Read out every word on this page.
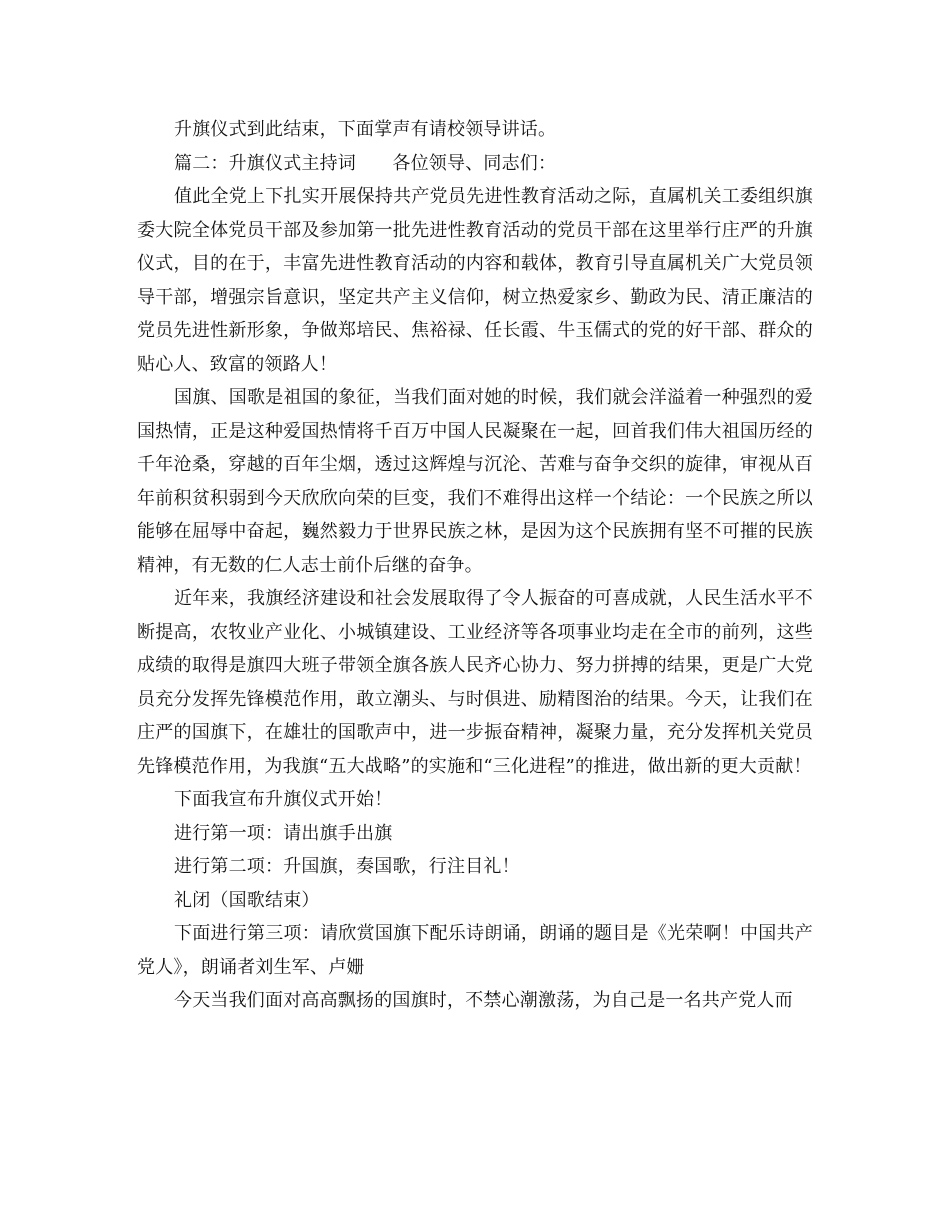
升旗仪式到此结束，下面掌声有请校领导讲话。

篇二：升旗仪式主持词　　各位领导、同志们：

值此全党上下扎实开展保持共产党员先进性教育活动之际，直属机关工委组织旗委大院全体党员干部及参加第一批先进性教育活动的党员干部在这里举行庄严的升旗仪式，目的在于，丰富先进性教育活动的内容和载体，教育引导直属机关广大党员领导干部，增强宗旨意识，坚定共产主义信仰，树立热爱家乡、勤政为民、清正廉洁的党员先进性新形象，争做郑培民、焦裕禄、任长霞、牛玉儒式的党的好干部、群众的贴心人、致富的领路人！

国旗、国歌是祖国的象征，当我们面对她的时候，我们就会洋溢着一种强烈的爱国热情，正是这种爱国热情将千百万中国人民凝聚在一起，回首我们伟大祖国历经的千年沧桑，穿越的百年尘烟，透过这辉煌与沉沦、苦难与奋争交织的旋律，审视从百年前积贫积弱到今天欣欣向荣的巨变，我们不难得出这样一个结论：一个民族之所以能够在屈辱中奋起，巍然毅力于世界民族之林，是因为这个民族拥有坚不可摧的民族精神，有无数的仁人志士前仆后继的奋争。

近年来，我旗经济建设和社会发展取得了令人振奋的可喜成就，人民生活水平不断提高，农牧业产业化、小城镇建设、工业经济等各项事业均走在全市的前列，这些成绩的取得是旗四大班子带领全旗各族人民齐心协力、努力拼搏的结果，更是广大党员充分发挥先锋模范作用，敢立潮头、与时俱进、励精图治的结果。今天，让我们在庄严的国旗下，在雄壮的国歌声中，进一步振奋精神，凝聚力量，充分发挥机关党员先锋模范作用，为我旗“五大战略”的实施和“三化进程”的推进，做出新的更大贡献！

下面我宣布升旗仪式开始！

进行第一项：请出旗手出旗

进行第二项：升国旗，奏国歌，行注目礼！

礼闭（国歌结束）

下面进行第三项：请欣赏国旗下配乐诗朗诵，朗诵的题目是《光荣啊！中国共产党人》，朗诵者刘生军、卢姗

今天当我们面对高高飘扬的国旗时，不禁心潮激荡，为自己是一名共产党人而
